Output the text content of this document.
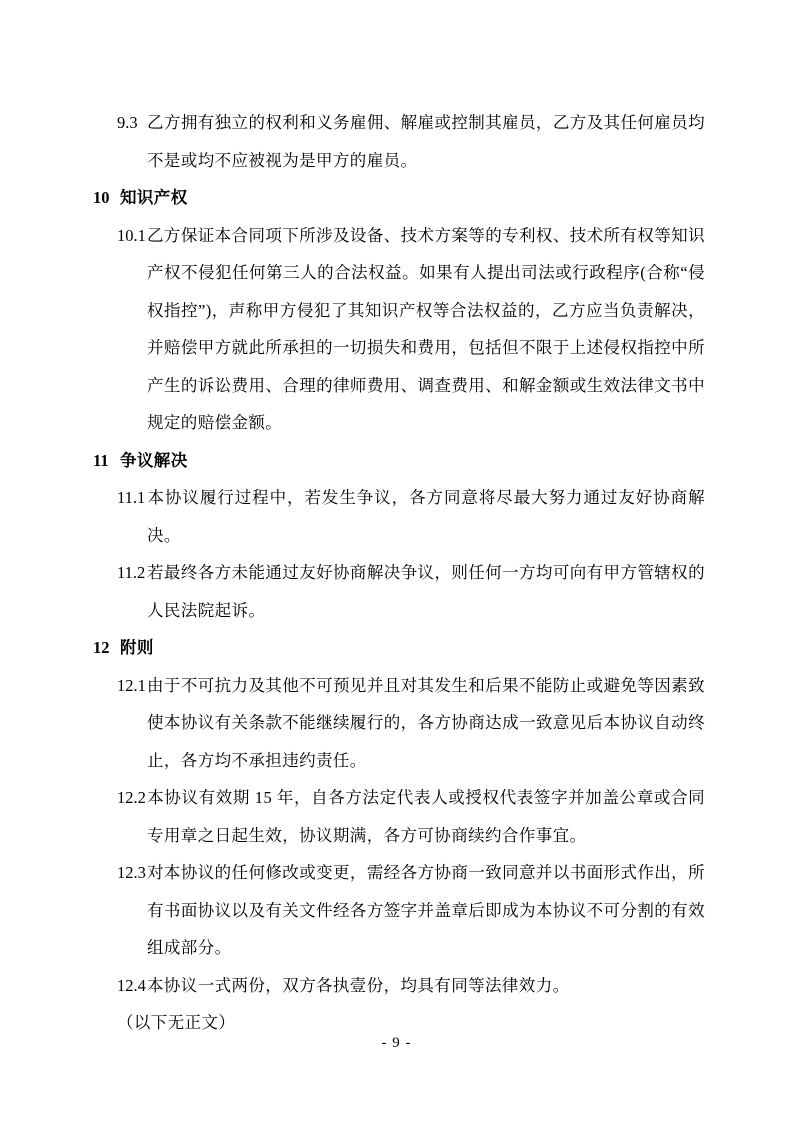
9.3 乙方拥有独立的权利和义务雇佣、解雇或控制其雇员，乙方及其任何雇员均不是或均不应被视为是甲方的雇员。

10 知识产权

10.1乙方保证本合同项下所涉及设备、技术方案等的专利权、技术所有权等知识产权不侵犯任何第三人的合法权益。如果有人提出司法或行政程序(合称“侵权指控”)，声称甲方侵犯了其知识产权等合法权益的，乙方应当负责解决，并赔偿甲方就此所承担的一切损失和费用，包括但不限于上述侵权指控中所产生的诉讼费用、合理的律师费用、调查费用、和解金额或生效法律文书中规定的赔偿金额。

11 争议解决

11.1 本协议履行过程中，若发生争议，各方同意将尽最大努力通过友好协商解决。

11.2 若最终各方未能通过友好协商解决争议，则任何一方均可向有甲方管辖权的人民法院起诉。

12 附则

12.1由于不可抗力及其他不可预见并且对其发生和后果不能防止或避免等因素致使本协议有关条款不能继续履行的，各方协商达成一致意见后本协议自动终止，各方均不承担违约责任。

12.2本协议有效期 15 年，自各方法定代表人或授权代表签字并加盖公章或合同专用章之日起生效，协议期满，各方可协商续约合作事宜。

12.3对本协议的任何修改或变更，需经各方协商一致同意并以书面形式作出，所有书面协议以及有关文件经各方签字并盖章后即成为本协议不可分割的有效组成部分。

12.4本协议一式两份，双方各执壹份，均具有同等法律效力。

（以下无正文）

- 9 -
